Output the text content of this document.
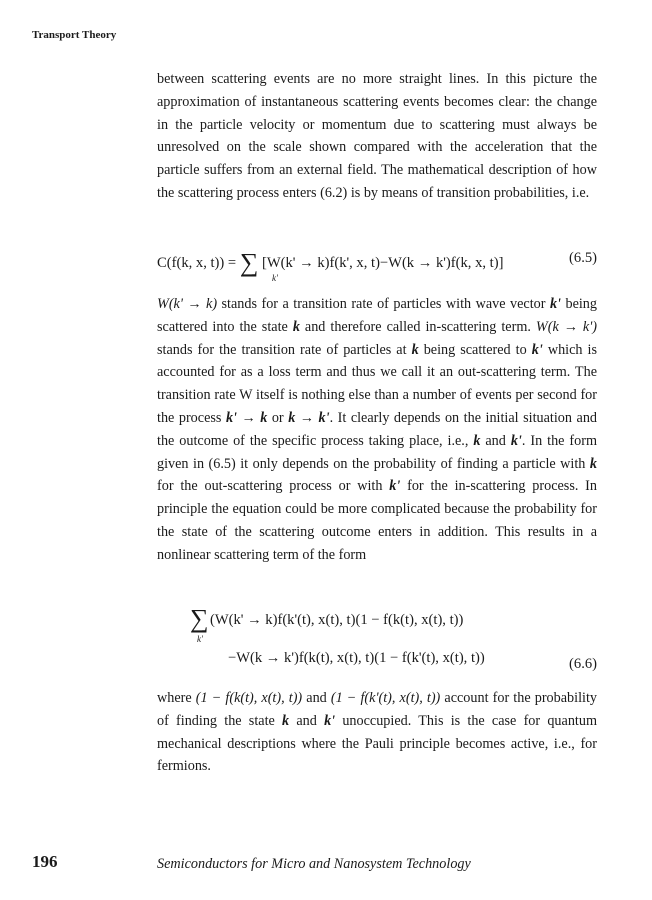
Transport Theory

between scattering events are no more straight lines. In this picture the approximation of instantaneous scattering events becomes clear: the change in the particle velocity or momentum due to scattering must always be unresolved on the scale shown compared with the acceleration that the particle suffers from an external field. The mathematical description of how the scattering process enters (6.2) is by means of transition probabilities, i.e.

C(f(k, x, t)) = ∑
k'
[W(k' → k)f(k', x, t)−W(k → k')f(k, x, t)]	(6.5)

W(k' → k) stands for a transition rate of particles with wave vector k' being scattered into the state k and therefore called in-scattering term. W(k → k') stands for the transition rate of particles at k being scattered to k' which is accounted for as a loss term and thus we call it an out-scattering term. The transition rate W itself is nothing else than a number of events per second for the process k' → k or k → k'. It clearly depends on the initial situation and the outcome of the specific process taking place, i.e., k and k'. In the form given in (6.5) it only depends on the probability of finding a particle with k for the out-scattering process or with k' for the in-scattering process. In principle the equation could be more complicated because the probability for the state of the scattering outcome enters in addition. This results in a nonlinear scattering term of the form

∑
k'
(W(k' → k)f(k'(t), x(t), t)(1 − f(k(t), x(t), t))
−W(k → k')f(k(t), x(t), t)(1 − f(k'(t), x(t), t))	(6.6)

where (1 − f(k(t), x(t), t)) and (1 − f(k'(t), x(t), t)) account for the probability of finding the state k and k' unoccupied. This is the case for quantum mechanical descriptions where the Pauli principle becomes active, i.e., for fermions.

196	Semiconductors for Micro and Nanosystem Technology
